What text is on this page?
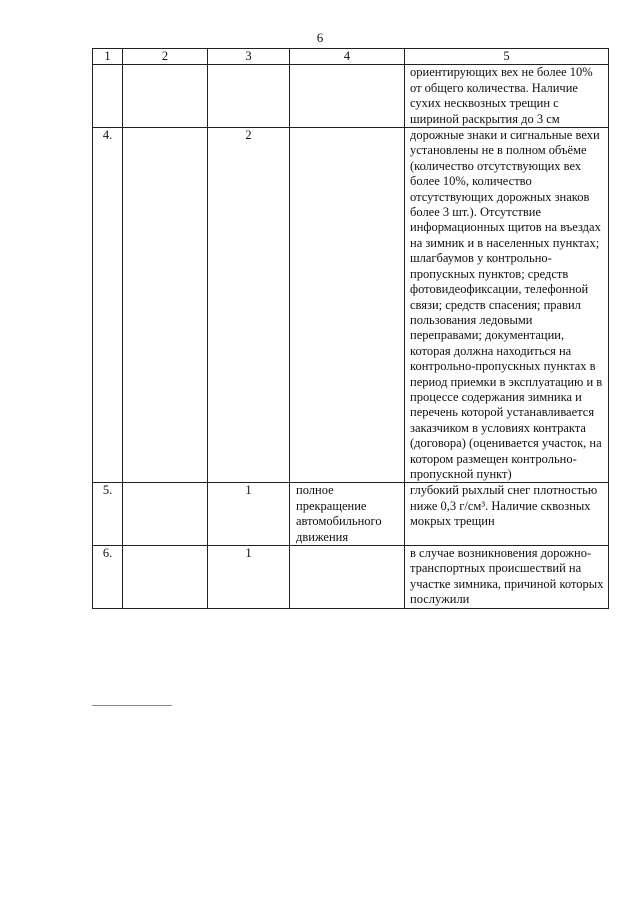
6
1	2	3	4	5
				ориентирующих вех не более 10% от общего количества. Наличие сухих несквозных трещин с шириной раскрытия до 3 см
4.		2		дорожные знаки и сигнальные вехи установлены не в полном объёме (количество отсутствующих вех более 10%, количество отсутствующих дорожных знаков более 3 шт.). Отсутствие информационных щитов на въездах на зимник и в населенных пунктах; шлагбаумов у контрольно-пропускных пунктов; средств фотовидеофиксации, телефонной связи; средств спасения; правил пользования ледовыми переправами; документации, которая должна находиться на контрольно-пропускных пунктах в период приемки в эксплуатацию и в процессе содержания зимника и перечень которой устанавливается заказчиком в условиях контракта (договора) (оценивается участок, на котором размещен контрольно-пропускной пункт)
5.		1	полное прекращение автомобильного движения	глубокий рыхлый снег плотностью ниже 0,3 г/см³. Наличие сквозных мокрых трещин
6.		1		в случае возникновения дорожно-транспортных происшествий на участке зимника, причиной которых послужили
